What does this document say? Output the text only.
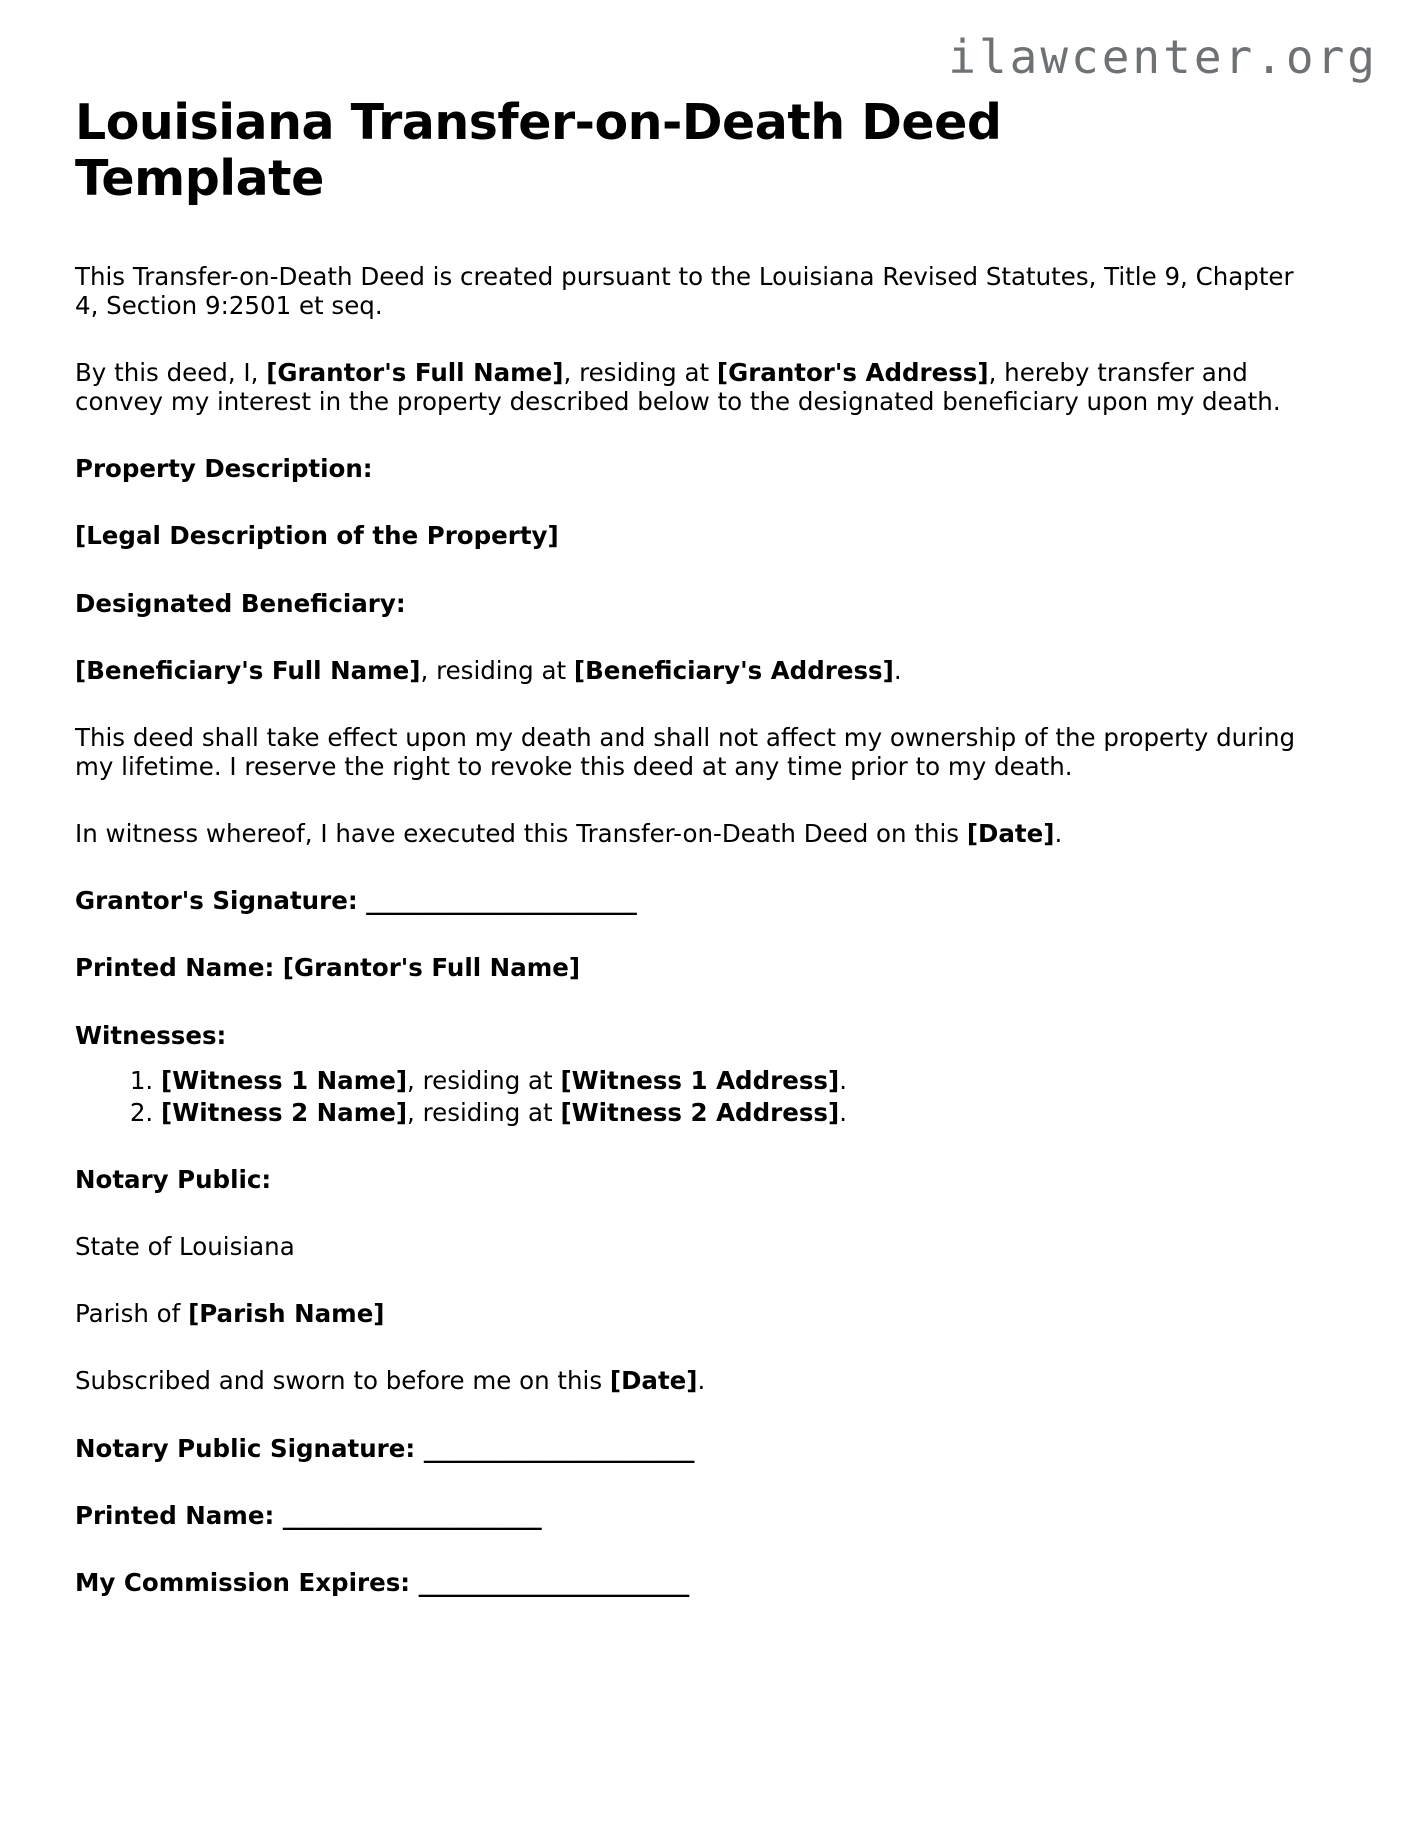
ilawcenter.org
Louisiana Transfer-on-Death Deed Template

This Transfer-on-Death Deed is created pursuant to the Louisiana Revised Statutes, Title 9, Chapter 4, Section 9:2501 et seq.

By this deed, I, [Grantor's Full Name], residing at [Grantor's Address], hereby transfer and convey my interest in the property described below to the designated beneficiary upon my death.

Property Description:

[Legal Description of the Property]

Designated Beneficiary:

[Beneficiary's Full Name], residing at [Beneficiary's Address].

This deed shall take effect upon my death and shall not affect my ownership of the property during my lifetime. I reserve the right to revoke this deed at any time prior to my death.

In witness whereof, I have executed this Transfer-on-Death Deed on this [Date].

Grantor's Signature: _______________________

Printed Name: [Grantor's Full Name]

Witnesses:

1. [Witness 1 Name], residing at [Witness 1 Address].
2. [Witness 2 Name], residing at [Witness 2 Address].

Notary Public:

State of Louisiana

Parish of [Parish Name]

Subscribed and sworn to before me on this [Date].

Notary Public Signature: _______________________

Printed Name: ______________________

My Commission Expires: _______________________
